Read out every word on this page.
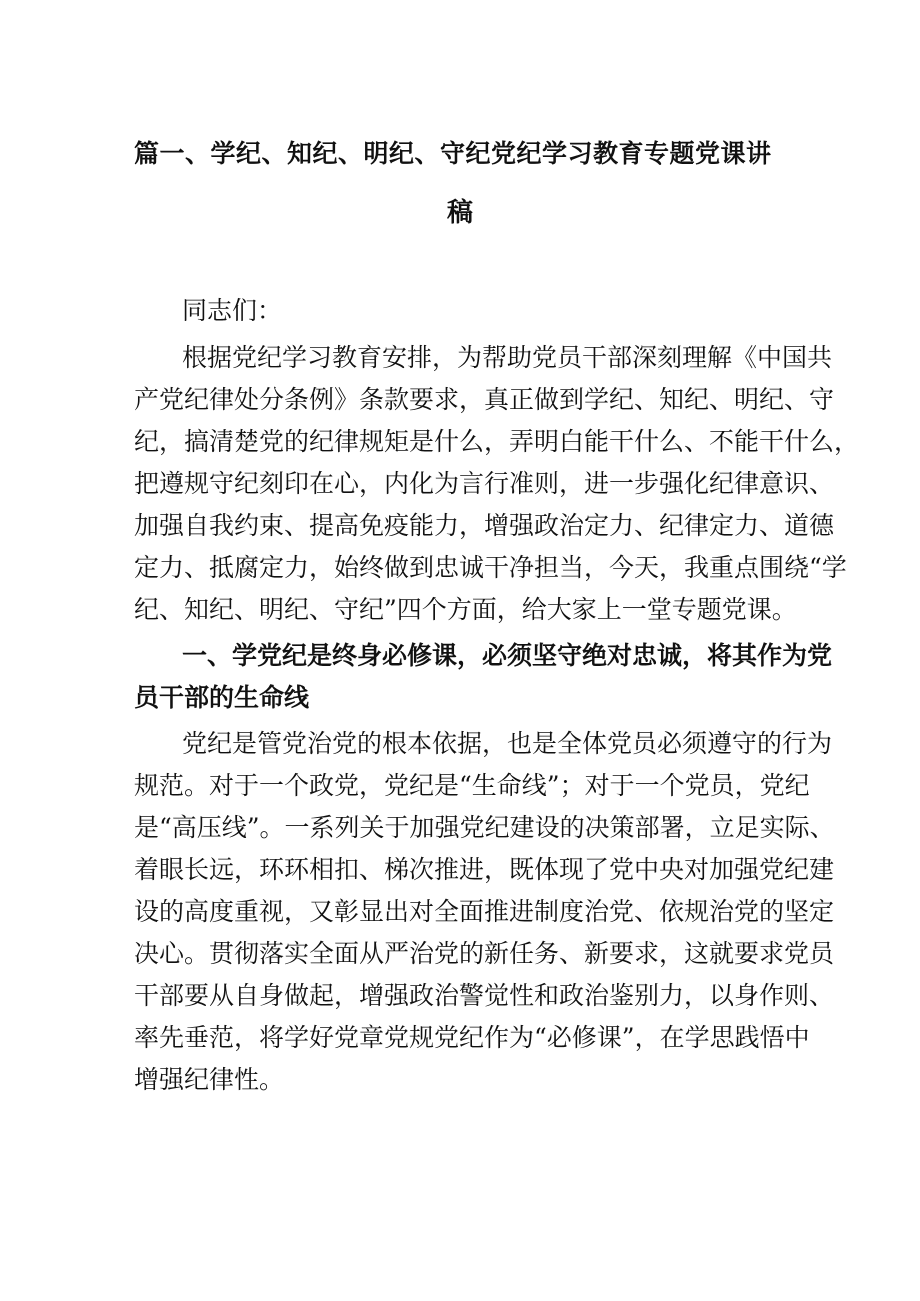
篇一、学纪、知纪、明纪、守纪党纪学习教育专题党课讲
稿
同志们：
根据党纪学习教育安排，为帮助党员干部深刻理解《中国共
产党纪律处分条例》条款要求，真正做到学纪、知纪、明纪、守
纪，搞清楚党的纪律规矩是什么，弄明白能干什么、不能干什么，
把遵规守纪刻印在心，内化为言行准则，进一步强化纪律意识、
加强自我约束、提高免疫能力，增强政治定力、纪律定力、道德
定力、抵腐定力，始终做到忠诚干净担当，今天，我重点围绕“学
纪、知纪、明纪、守纪”四个方面，给大家上一堂专题党课。
一、学党纪是终身必修课，必须坚守绝对忠诚，将其作为党
员干部的生命线
党纪是管党治党的根本依据，也是全体党员必须遵守的行为
规范。对于一个政党，党纪是“生命线”；对于一个党员，党纪
是“高压线”。一系列关于加强党纪建设的决策部署，立足实际、
着眼长远，环环相扣、梯次推进，既体现了党中央对加强党纪建
设的高度重视，又彰显出对全面推进制度治党、依规治党的坚定
决心。贯彻落实全面从严治党的新任务、新要求，这就要求党员
干部要从自身做起，增强政治警觉性和政治鉴别力，以身作则、
率先垂范，将学好党章党规党纪作为“必修课”，在学思践悟中
增强纪律性。
